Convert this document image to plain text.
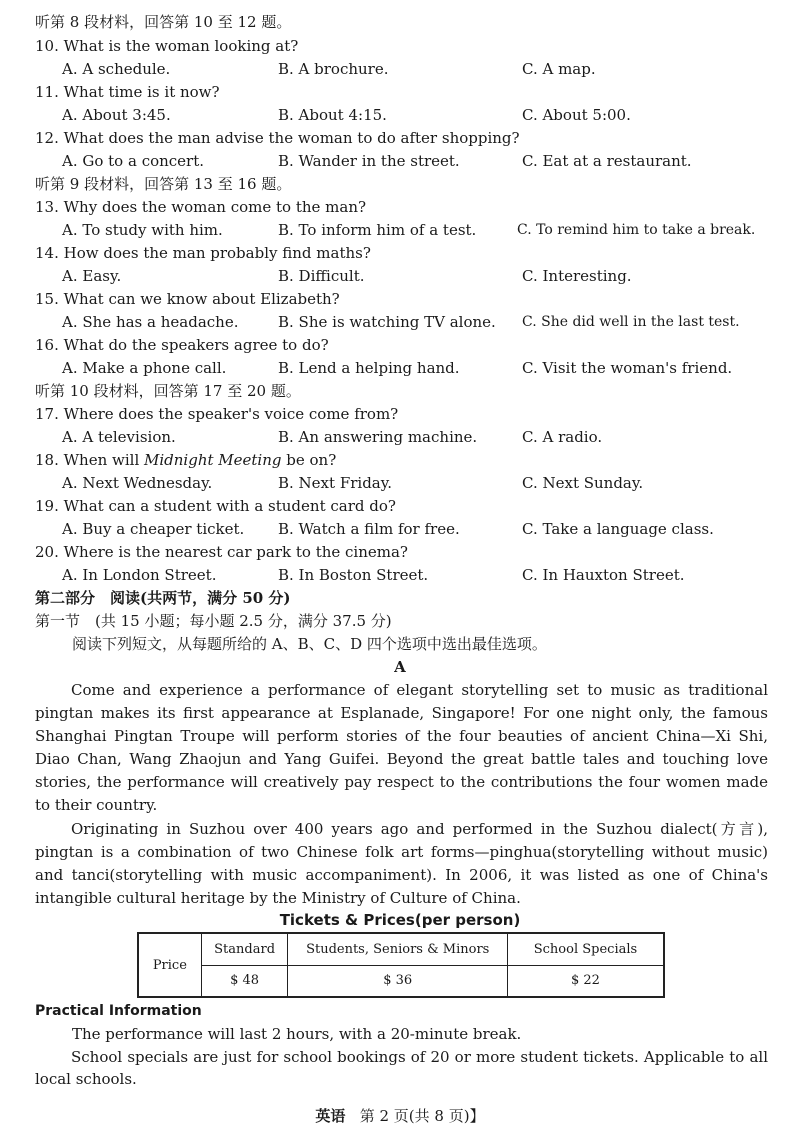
听第 8 段材料，回答第 10 至 12 题。
10. What is the woman looking at?
A. A schedule.	B. A brochure.	C. A map.
11. What time is it now?
A. About 3:45.	B. About 4:15.	C. About 5:00.
12. What does the man advise the woman to do after shopping?
A. Go to a concert.	B. Wander in the street.	C. Eat at a restaurant.
听第 9 段材料，回答第 13 至 16 题。
13. Why does the woman come to the man?
A. To study with him.	B. To inform him of a test.	C. To remind him to take a break.
14. How does the man probably find maths?
A. Easy.	B. Difficult.	C. Interesting.
15. What can we know about Elizabeth?
A. She has a headache.	B. She is watching TV alone. C. She did well in the last test.
16. What do the speakers agree to do?
A. Make a phone call.	B. Lend a helping hand.	C. Visit the woman's friend.
听第 10 段材料，回答第 17 至 20 题。
17. Where does the speaker's voice come from?
A. A television.	B. An answering machine.	C. A radio.
18. When will Midnight Meeting be on?
A. Next Wednesday.	B. Next Friday.	C. Next Sunday.
19. What can a student with a student card do?
A. Buy a cheaper ticket. B. Watch a film for free.	C. Take a language class.
20. Where is the nearest car park to the cinema?
A. In London Street.	B. In Boston Street.	C. In Hauxton Street.
第二部分　阅读(共两节，满分 50 分)
第一节　(共 15 小题；每小题 2.5 分，满分 37.5 分)
阅读下列短文，从每题所给的 A、B、C、D 四个选项中选出最佳选项。
A
Come and experience a performance of elegant storytelling set to music as traditional pingtan makes its first appearance at Esplanade, Singapore! For one night only, the famous Shanghai Pingtan Troupe will perform stories of the four beauties of ancient China—Xi Shi, Diao Chan, Wang Zhaojun and Yang Guifei. Beyond the great battle tales and touching love stories, the performance will creatively pay respect to the contributions the four women made to their country.
Originating in Suzhou over 400 years ago and performed in the Suzhou dialect(方言), pingtan is a combination of two Chinese folk art forms—pinghua(storytelling without music) and tanci(storytelling with music accompaniment). In 2006, it was listed as one of China's intangible cultural heritage by the Ministry of Culture of China.
Tickets & Prices(per person)
Price	Standard	Students, Seniors & Minors	School Specials
	$ 48	$ 36	$ 22
Practical Information
The performance will last 2 hours, with a 20-minute break.
School specials are just for school bookings of 20 or more student tickets. Applicable to all local schools.
英语 第 2 页(共 8 页)】
